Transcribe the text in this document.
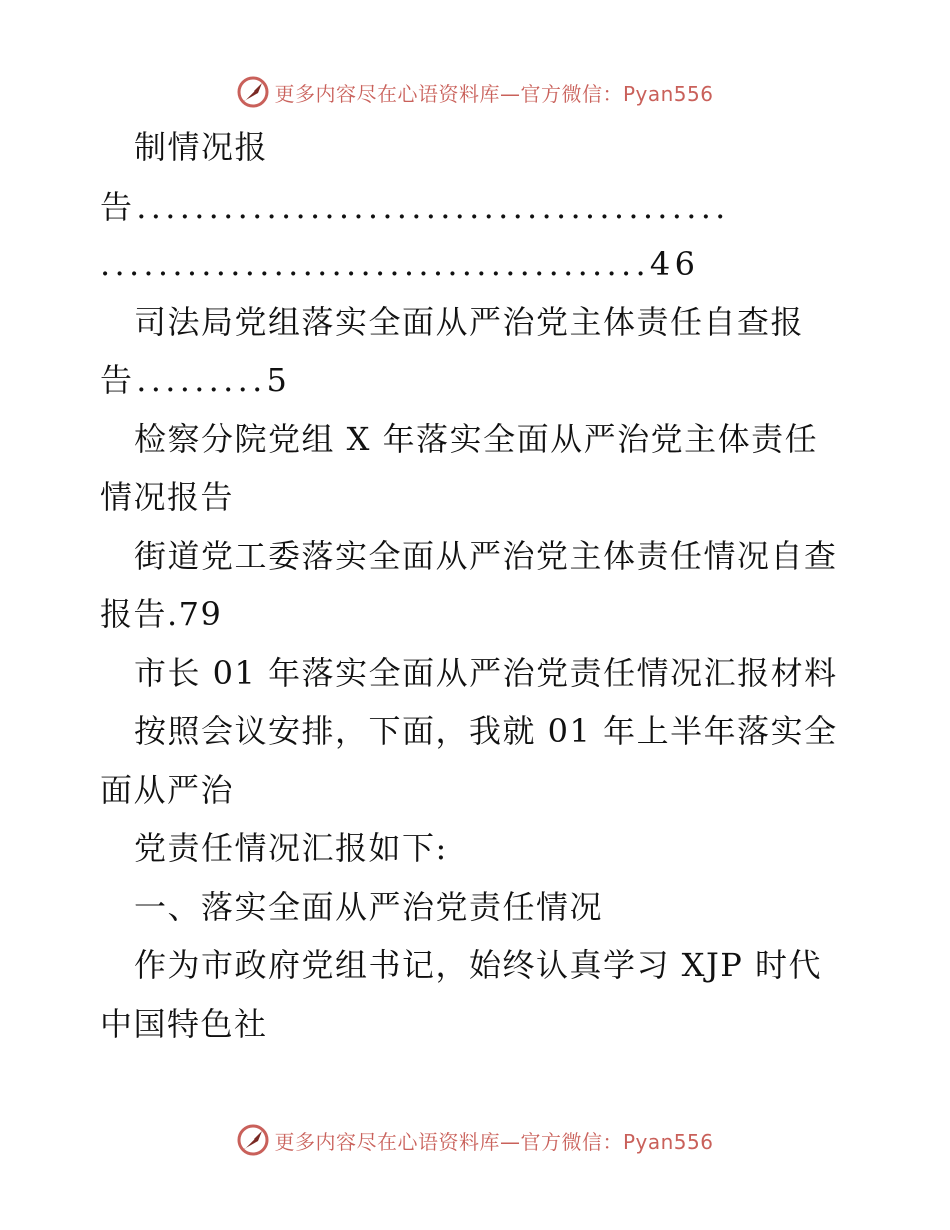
更多内容尽在心语资料库—官方微信：Pyan556
制情况报
告.........................................
......................................46
司法局党组落实全面从严治党主体责任自查报
告.........5
检察分院党组 X 年落实全面从严治党主体责任
情况报告
街道党工委落实全面从严治党主体责任情况自查
报告.79
市长 01 年落实全面从严治党责任情况汇报材料
按照会议安排，下面，我就 01 年上半年落实全
面从严治
党责任情况汇报如下:
一、落实全面从严治党责任情况
作为市政府党组书记，始终认真学习 XJP 时代
中国特色社
更多内容尽在心语资料库—官方微信：Pyan556
